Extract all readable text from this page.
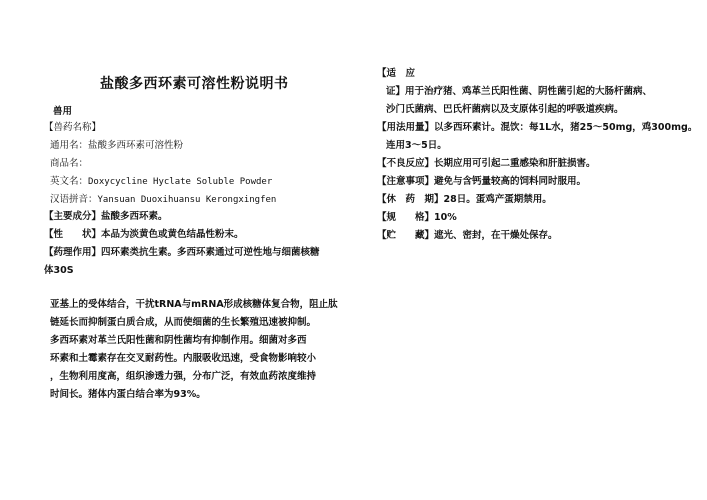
盐酸多西环素可溶性粉说明书
兽用
【兽药名称】
通用名：盐酸多西环素可溶性粉
商品名：
英文名：Doxycycline Hyclate Soluble Powder
汉语拼音：Yansuan Duoxihuansu Kerongxingfen
【主要成分】盐酸多西环素。
【性　　状】本品为淡黄色或黄色结晶性粉末。
【药理作用】四环素类抗生素。多西环素通过可逆性地与细菌核糖
体30S
亚基上的受体结合，干扰tRNA与mRNA形成核糖体复合物，阻止肽
链延长而抑制蛋白质合成，从而使细菌的生长繁殖迅速被抑制。
多西环素对革兰氏阳性菌和阴性菌均有抑制作用。细菌对多西
环素和土霉素存在交叉耐药性。内服吸收迅速，受食物影响较小
，生物利用度高，组织渗透力强，分布广泛，有效血药浓度维持
时间长。猪体内蛋白结合率为93%。
【适　应
证】用于治疗猪、鸡革兰氏阳性菌、阴性菌引起的大肠杆菌病、
沙门氏菌病、巴氏杆菌病以及支原体引起的呼吸道疾病。
【用法用量】以多西环素计。混饮：每1L水，猪25～50mg，鸡300mg。
连用3～5日。
【不良反应】长期应用可引起二重感染和肝脏损害。
【注意事项】避免与含钙量较高的饲料同时服用。
【休　药　期】28日。蛋鸡产蛋期禁用。
【规　　格】10%
【贮　　藏】遮光、密封，在干燥处保存。
